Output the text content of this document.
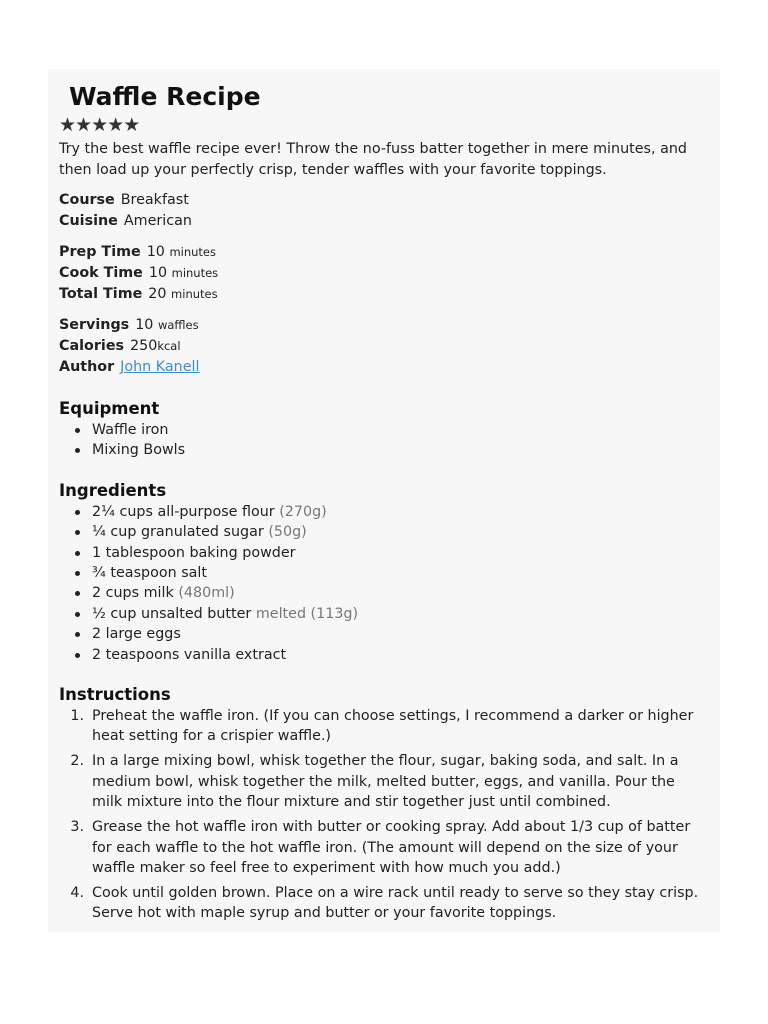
Waffle Recipe
★★★★★

Try the best waffle recipe ever! Throw the no-fuss batter together in mere minutes, and then load up your perfectly crisp, tender waffles with your favorite toppings.

Course Breakfast
Cuisine American
Prep Time 10 minutes
Cook Time 10 minutes
Total Time 20 minutes
Servings 10 waffles
Calories 250kcal
Author John Kanell
Equipment
Waffle iron
Mixing Bowls
Ingredients
2¼ cups all-purpose flour (270g)
¼ cup granulated sugar (50g)
1 tablespoon baking powder
¾ teaspoon salt
2 cups milk (480ml)
½ cup unsalted butter melted (113g)
2 large eggs
2 teaspoons vanilla extract
Instructions
1. Preheat the waffle iron. (If you can choose settings, I recommend a darker or higher heat setting for a crispier waffle.)
2. In a large mixing bowl, whisk together the flour, sugar, baking soda, and salt. In a medium bowl, whisk together the milk, melted butter, eggs, and vanilla. Pour the milk mixture into the flour mixture and stir together just until combined.
3. Grease the hot waffle iron with butter or cooking spray. Add about 1/3 cup of batter for each waffle to the hot waffle iron. (The amount will depend on the size of your waffle maker so feel free to experiment with how much you add.)
4. Cook until golden brown. Place on a wire rack until ready to serve so they stay crisp. Serve hot with maple syrup and butter or your favorite toppings.
